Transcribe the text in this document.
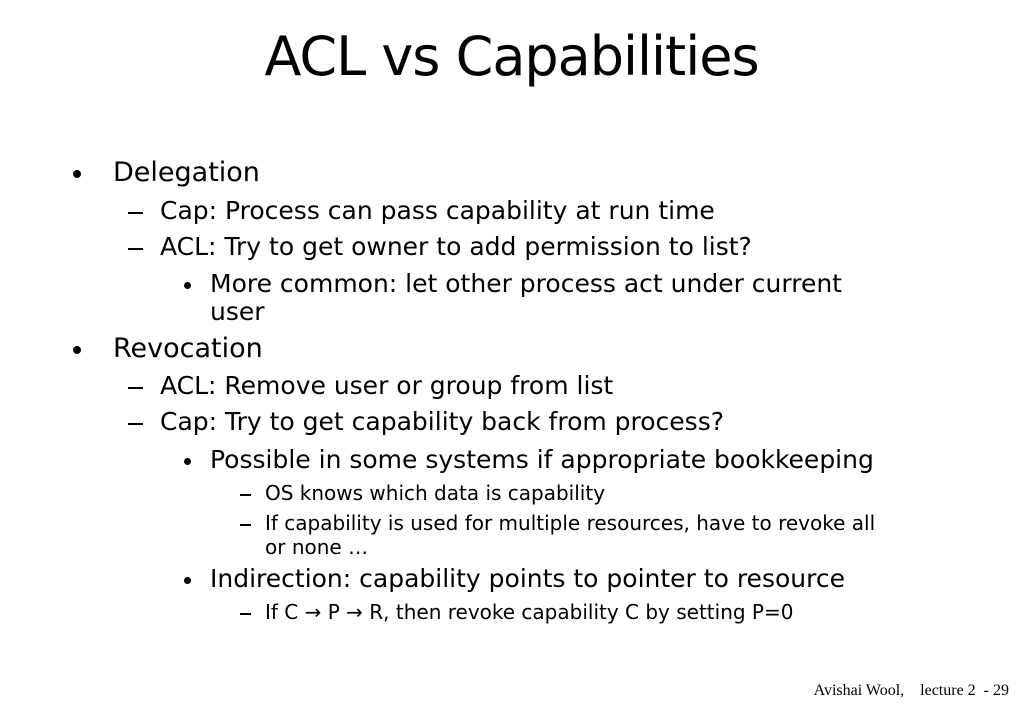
ACL vs Capabilities
Delegation
Cap: Process can pass capability at run time
ACL: Try to get owner to add permission to list?
More common: let other process act under current
user
Revocation
ACL: Remove user or group from list
Cap: Try to get capability back from process?
Possible in some systems if appropriate bookkeeping
OS knows which data is capability
If capability is used for multiple resources, have to revoke all
or none …
Indirection: capability points to pointer to resource
If C → P → R, then revoke capability C by setting P=0
Avishai Wool, lecture 2 - 29
